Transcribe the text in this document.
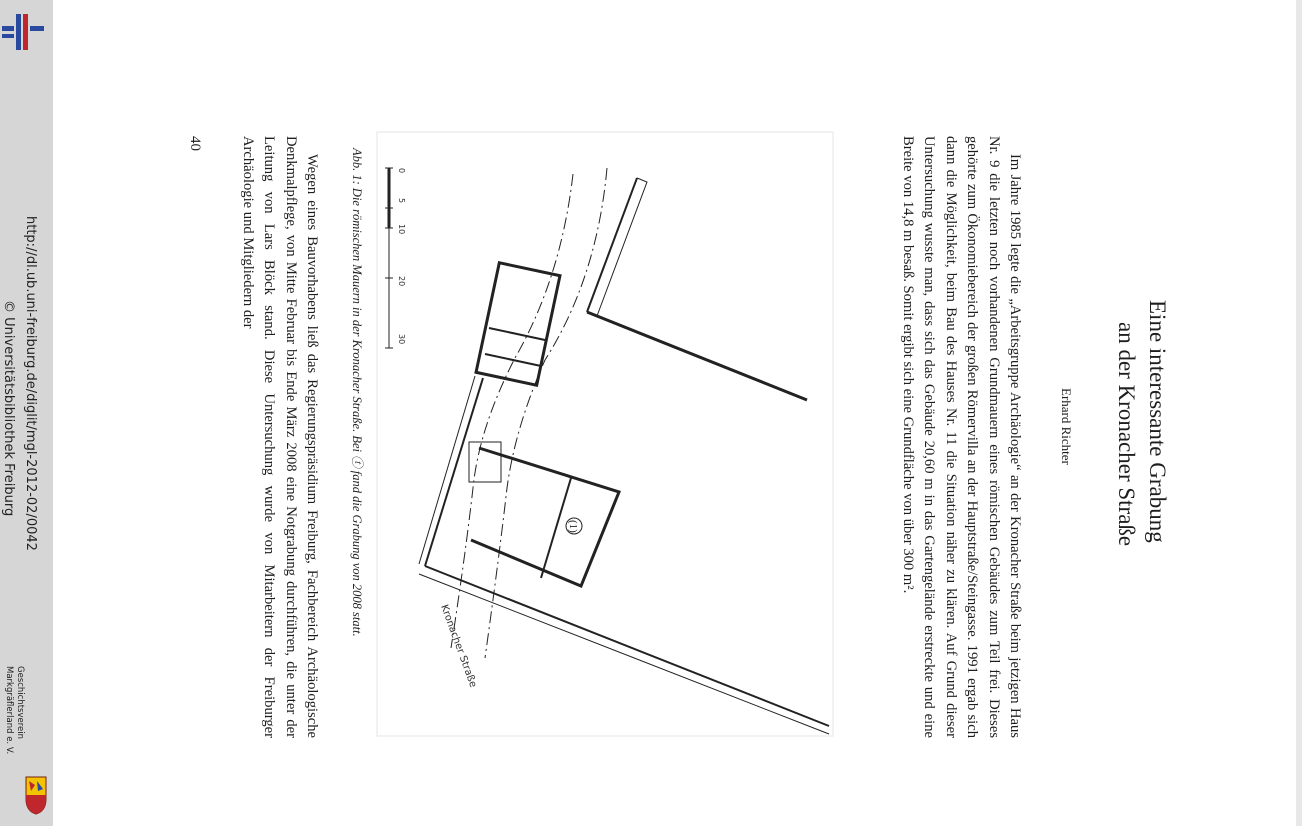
http://dl.ub.uni-freiburg.de/diglit/mgl-2012-02/0042
© Universitätsbibliothek Freiburg
Geschichtsverein
Markgräflerland e. V.
Eine interessante Grabung
an der Kronacher Straße
Erhard Richter
Im Jahre 1985 legte die „Arbeitsgruppe Archäologie“ an der Kronacher Straße beim jetzigen Haus Nr. 9 die letzten noch vorhandenen Grundmauern eines römischen Gebäudes zum Teil frei. Dieses gehörte zum Ökonomiebereich der großen Römervilla an der Hauptstraße/Steingasse. 1991 ergab sich dann die Möglichkeit, beim Bau des Hauses Nr. 11 die Situation näher zu klären. Auf Grund dieser Untersuchung wusste man, dass sich das Gebäude 20,60 m in das Gartengelände erstreckte und eine Breite von 14,8 m besaß. Somit ergibt sich eine Grundfläche von über 300 m².
(1)
Kronacher Straße
0
5
10
20
30
Abb. 1: Die römischen Mauern in der Kronacher Straße. Bei ⓣ fand die Grabung von 2008 statt.
Wegen eines Bauvorhabens ließ das Regierungspräsidium Freiburg, Fachbereich Archäologische Denkmalpflege, von Mitte Februar bis Ende März 2008 eine Notgrabung durchführen, die unter der Leitung von Lars Blöck stand. Diese Untersuchung wurde von Mitarbeitern der Freiburger Archäologie und Mitgliedern der
40
